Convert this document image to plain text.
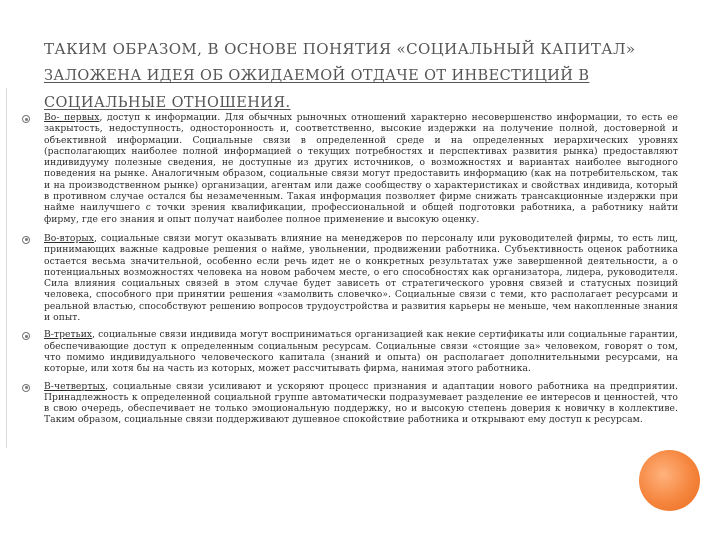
ТАКИМ ОБРАЗОМ, В ОСНОВЕ ПОНЯТИЯ «СОЦИАЛЬНЫЙ КАПИТАЛ»
ЗАЛОЖЕНА ИДЕЯ ОБ ОЖИДАЕМОЙ ОТДАЧЕ ОТ ИНВЕСТИЦИЙ В
СОЦИАЛЬНЫЕ ОТНОШЕНИЯ.
Во- первых, доступ к информации. Для обычных рыночных отношений характерно несовершенство информации, то есть ее закрытость, недоступность, односторонность и, соответственно, высокие издержки на получение полной, достоверной и объективной информации. Социальные связи в определенной среде и на определенных иерархических уровнях (располагающих наиболее полной информацией о текущих потребностях и перспективах развития рынка) предоставляют индивидууму полезные сведения, не доступные из других источников, о возможностях и вариантах наиболее выгодного поведения на рынке. Аналогичным образом, социальные связи могут предоставить информацию (как на потребительском, так и на производственном рынке) организации, агентам или даже сообществу о характеристиках и свойствах индивида, который в противном случае остался бы незамеченным. Такая информация позволяет фирме снижать трансакционные издержки при найме наилучшего с точки зрения квалификации, профессиональной и общей подготовки работника, а работнику найти фирму, где его знания и опыт получат наиболее полное применение и высокую оценку.
Во-вторых, социальные связи могут оказывать влияние на менеджеров по персоналу или руководителей фирмы, то есть лиц, принимающих важные кадровые решения о найме, увольнении, продвижении работника. Субъективность оценок работника остается весьма значительной, особенно если речь идет не о конкретных результатах уже завершенной деятельности, а о потенциальных возможностях человека на новом рабочем месте, о его способностях как организатора, лидера, руководителя. Сила влияния социальных связей в этом случае будет зависеть от стратегического уровня связей и статусных позиций человека, способного при принятии решения «замолвить словечко». Социальные связи с теми, кто располагает ресурсами и реальной властью, способствуют решению вопросов трудоустройства и развития карьеры не меньше, чем накопленные знания и опыт.
В-третьих, социальные связи индивида могут восприниматься организацией как некие сертификаты или социальные гарантии, обеспечивающие доступ к определенным социальным ресурсам. Социальные связи «стоящие за» человеком, говорят о том, что помимо индивидуального человеческого капитала (знаний и опыта) он располагает дополнительными ресурсами, на которые, или хотя бы на часть из которых, может рассчитывать фирма, нанимая этого работника.
В-четвертых, социальные связи усиливают и ускоряют процесс признания и адаптации нового работника на предприятии. Принадлежность к определенной социальной группе автоматически подразумевает разделение ее интересов и ценностей, что в свою очередь, обеспечивает не только эмоциональную поддержку, но и высокую степень доверия к новичку в коллективе. Таким образом, социальные связи поддерживают душевное спокойствие работника и открывают ему доступ к ресурсам.
